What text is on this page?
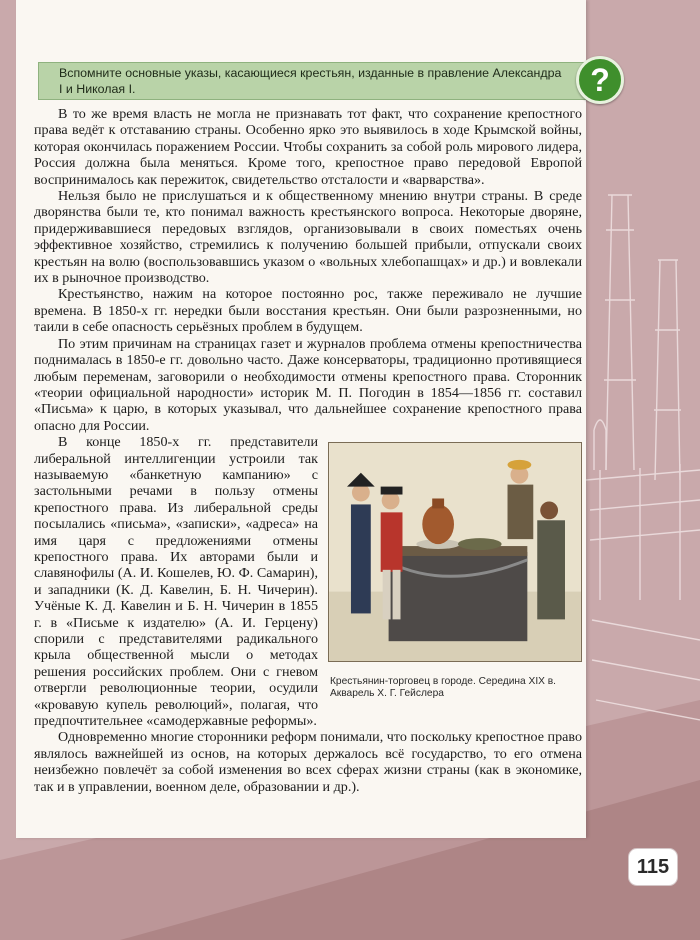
Вспомните основные указы, касающиеся крестьян, изданные в правление Александра I и Николая I.	?

В то же время власть не могла не признавать тот факт, что сохранение крепостного права ведёт к отставанию страны. Особенно ярко это выявилось в ходе Крымской войны, которая окончилась поражением России. Чтобы сохранить за собой роль мирового лидера, Россия должна была меняться. Кроме того, крепостное право передовой Европой воспринималось как пережиток, свидетельство отсталости и «варварства».

Нельзя было не прислушаться и к общественному мнению внутри страны. В среде дворянства были те, кто понимал важность крестьянского вопроса. Некоторые дворяне, придерживавшиеся передовых взглядов, организовывали в своих поместьях очень эффективное хозяйство, стремились к получению большей прибыли, отпускали своих крестьян на волю (воспользовавшись указом о «вольных хлебопашцах» и др.) и вовлекали их в рыночное производство.

Крестьянство, нажим на которое постоянно рос, также переживало не лучшие времена. В 1850-х гг. нередки были восстания крестьян. Они были разрозненными, но таили в себе опасность серьёзных проблем в будущем.

По этим причинам на страницах газет и журналов проблема отмены крепостничества поднималась в 1850-е гг. довольно часто. Даже консерваторы, традиционно противящиеся любым переменам, заговорили о необходимости отмены крепостного права. Сторонник «теории официальной народности» историк М. П. Погодин в 1854—1856 гг. составил «Письма» к царю, в которых указывал, что дальнейшее сохранение крепостного права опасно для России.

Крестьянин-торговец в городе. Середина XIX в. Акварель Х. Г. Гейслера

В конце 1850-х гг. представители либеральной интеллигенции устроили так называемую «банкетную кампанию» с застольными речами в пользу отмены крепостного права. Из либеральной среды посылались «письма», «записки», «адреса» на имя царя с предложениями отмены крепостного права. Их авторами были и славянофилы (А. И. Кошелев, Ю. Ф. Самарин), и западники (К. Д. Кавелин, Б. Н. Чичерин). Учёные К. Д. Кавелин и Б. Н. Чичерин в 1855 г. в «Письме к издателю» (А. И. Герцену) спорили с представителями радикального крыла общественной мысли о методах решения российских проблем. Они с гневом отвергли революционные теории, осудили «кровавую купель революций», полагая, что предпочтительнее «самодержавные реформы».

Одновременно многие сторонники реформ понимали, что поскольку крепостное право являлось важнейшей из основ, на которых держалось всё государство, то его отмена неизбежно повлечёт за собой изменения во всех сферах жизни страны (как в экономике, так и в управлении, военном деле, образовании и др.).

115
